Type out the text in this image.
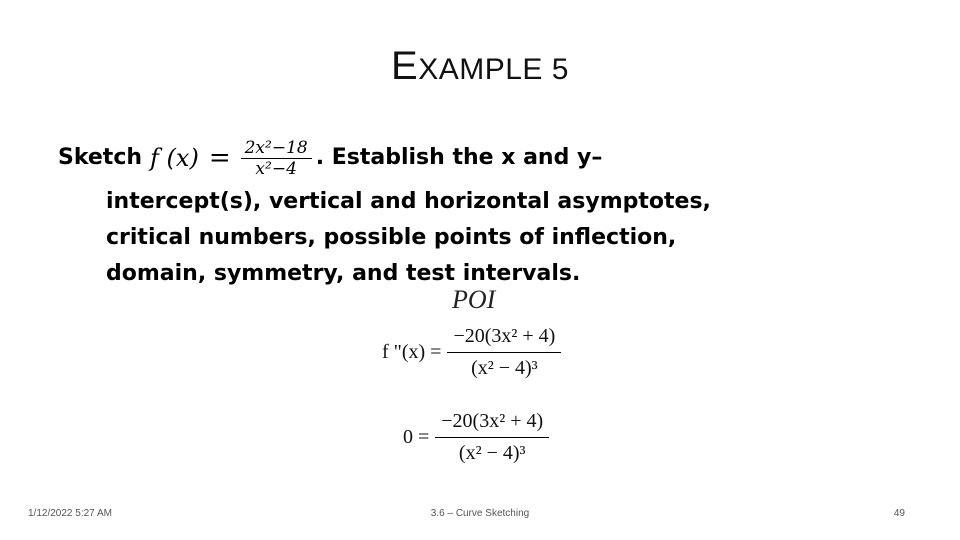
EXAMPLE 5
Sketch f $(x) = \frac{\text{2x²−18}}{\text{x²−4}}$ . Establish the x and y–
intercept(s), vertical and horizontal asymptotes,
critical numbers, possible points of inflection,
domain, symmetry, and test intervals.
POI
f "$(x) = \frac{\text{−20(3x² + 4)}}{\text{(x² − 4)³}}$
$0 = \frac{\text{−20(3x² + 4)}}{\text{(x² − 4)³}}$
1/12/2022 5:27 AM	3.6 – Curve Sketching	49
